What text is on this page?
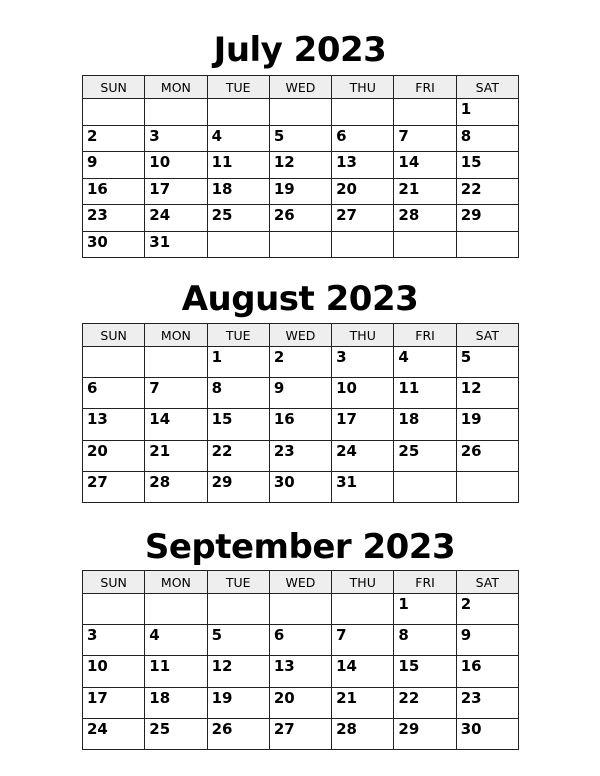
July 2023
SUN	MON	TUE	WED	THU	FRI	SAT
						1
2	3	4	5	6	7	8
9	10	11	12	13	14	15
16	17	18	19	20	21	22
23	24	25	26	27	28	29
30	31					
August 2023
SUN	MON	TUE	WED	THU	FRI	SAT
		1	2	3	4	5
6	7	8	9	10	11	12
13	14	15	16	17	18	19
20	21	22	23	24	25	26
27	28	29	30	31		
September 2023
SUN	MON	TUE	WED	THU	FRI	SAT
					1	2
3	4	5	6	7	8	9
10	11	12	13	14	15	16
17	18	19	20	21	22	23
24	25	26	27	28	29	30
